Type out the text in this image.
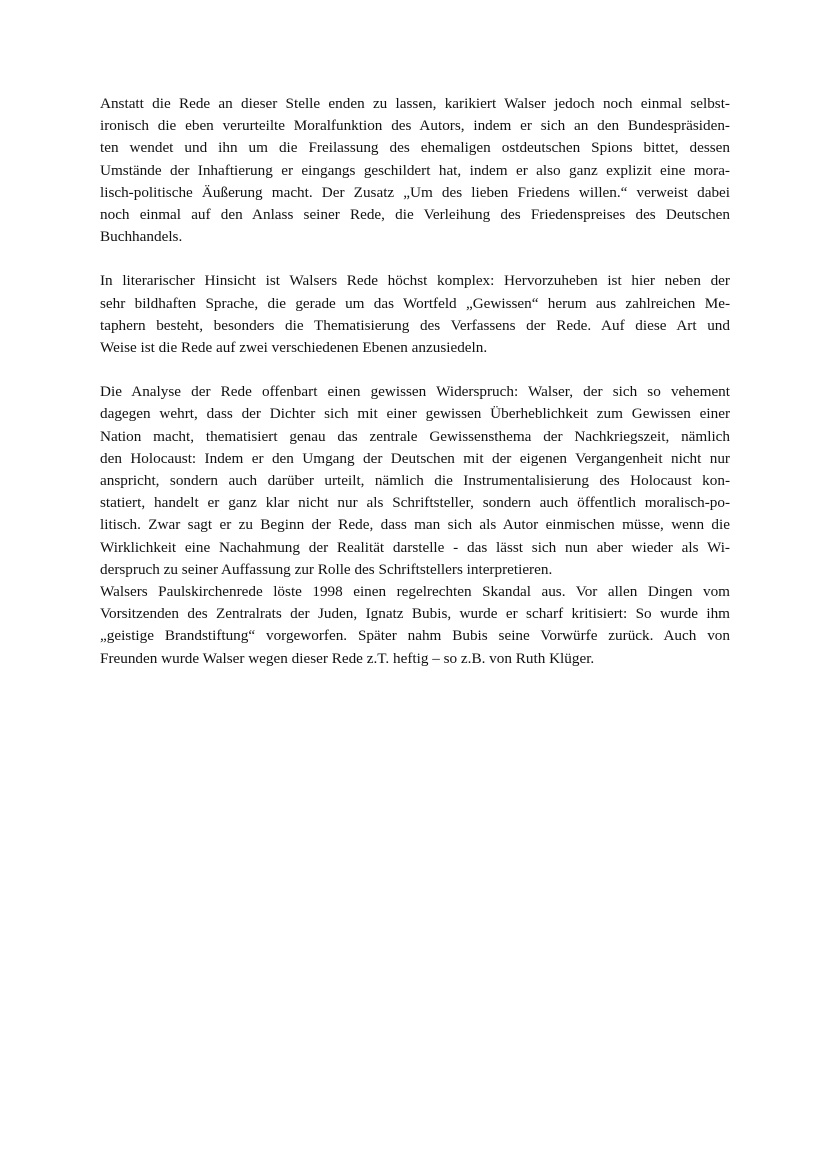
Anstatt die Rede an dieser Stelle enden zu lassen, karikiert Walser jedoch noch einmal selbst-
ironisch die eben verurteilte Moralfunktion des Autors, indem er sich an den Bundespräsiden-
ten wendet und ihn um die Freilassung des ehemaligen ostdeutschen Spions bittet, dessen
Umstände der Inhaftierung er eingangs geschildert hat, indem er also ganz explizit eine mora-
lisch-politische Äußerung macht. Der Zusatz „Um des lieben Friedens willen.“ verweist dabei
noch einmal auf den Anlass seiner Rede, die Verleihung des Friedenspreises des Deutschen
Buchhandels.

In literarischer Hinsicht ist Walsers Rede höchst komplex: Hervorzuheben ist hier neben der
sehr bildhaften Sprache, die gerade um das Wortfeld „Gewissen“ herum aus zahlreichen Me-
taphern besteht, besonders die Thematisierung des Verfassens der Rede. Auf diese Art und
Weise ist die Rede auf zwei verschiedenen Ebenen anzusiedeln.

Die Analyse der Rede offenbart einen gewissen Widerspruch: Walser, der sich so vehement
dagegen wehrt, dass der Dichter sich mit einer gewissen Überheblichkeit zum Gewissen einer
Nation macht, thematisiert genau das zentrale Gewissensthema der Nachkriegszeit, nämlich
den Holocaust: Indem er den Umgang der Deutschen mit der eigenen Vergangenheit nicht nur
anspricht, sondern auch darüber urteilt, nämlich die Instrumentalisierung des Holocaust kon-
statiert, handelt er ganz klar nicht nur als Schriftsteller, sondern auch öffentlich moralisch-po-
litisch. Zwar sagt er zu Beginn der Rede, dass man sich als Autor einmischen müsse, wenn die
Wirklichkeit eine Nachahmung der Realität darstelle - das lässt sich nun aber wieder als Wi-
derspruch zu seiner Auffassung zur Rolle des Schriftstellers interpretieren.

Walsers Paulskirchenrede löste 1998 einen regelrechten Skandal aus. Vor allen Dingen vom
Vorsitzenden des Zentralrats der Juden, Ignatz Bubis, wurde er scharf kritisiert: So wurde ihm
„geistige Brandstiftung“ vorgeworfen. Später nahm Bubis seine Vorwürfe zurück. Auch von
Freunden wurde Walser wegen dieser Rede z.T. heftig – so z.B. von Ruth Klüger.
